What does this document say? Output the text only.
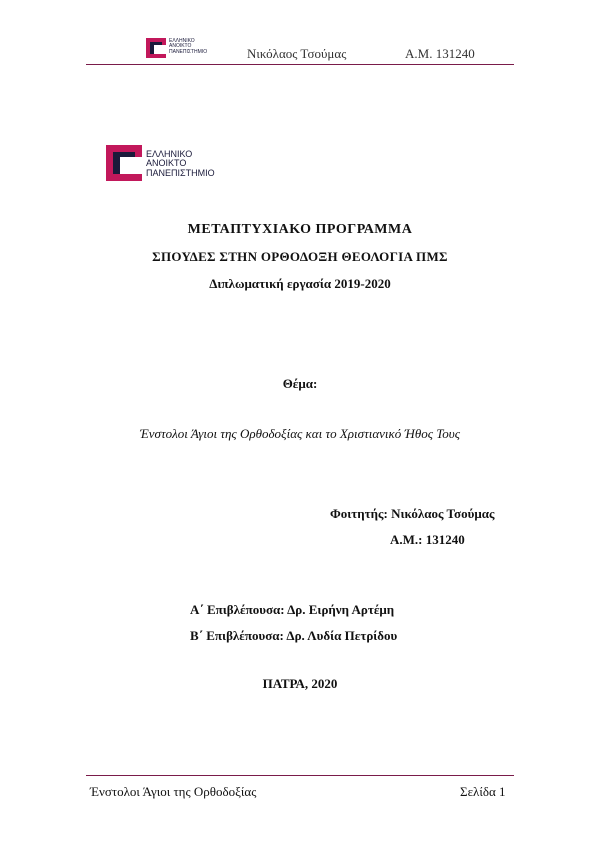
ΕΛΛΗΝΙΚΟ
ΑΝΟΙΚΤΟ
ΠΑΝΕΠΙΣΤΗΜΙΟ	Νικόλαος Τσούμας	Α.Μ. 131240
ΕΛΛΗΝΙΚΟ
ΑΝΟΙΚΤΟ
ΠΑΝΕΠΙΣΤΗΜΙΟ
ΜΕΤΑΠΤΥΧΙΑΚΟ ΠΡΟΓΡΑΜΜΑ
ΣΠΟΥΔΕΣ ΣΤΗΝ ΟΡΘΟΔΟΞΗ ΘΕΟΛΟΓΙΑ ΠΜΣ
Διπλωματική εργασία 2019-2020
Θέμα:
Ένστολοι Άγιοι της Ορθοδοξίας και το Χριστιανικό Ήθος Τους
Φοιτητής: Νικόλαος Τσούμας
Α.Μ.: 131240
Α΄ Επιβλέπουσα: Δρ. Ειρήνη Αρτέμη
Β΄ Επιβλέπουσα: Δρ. Λυδία Πετρίδου
ΠΑΤΡΑ, 2020
Ένστολοι Άγιοι της Ορθοδοξίας	Σελίδα 1
